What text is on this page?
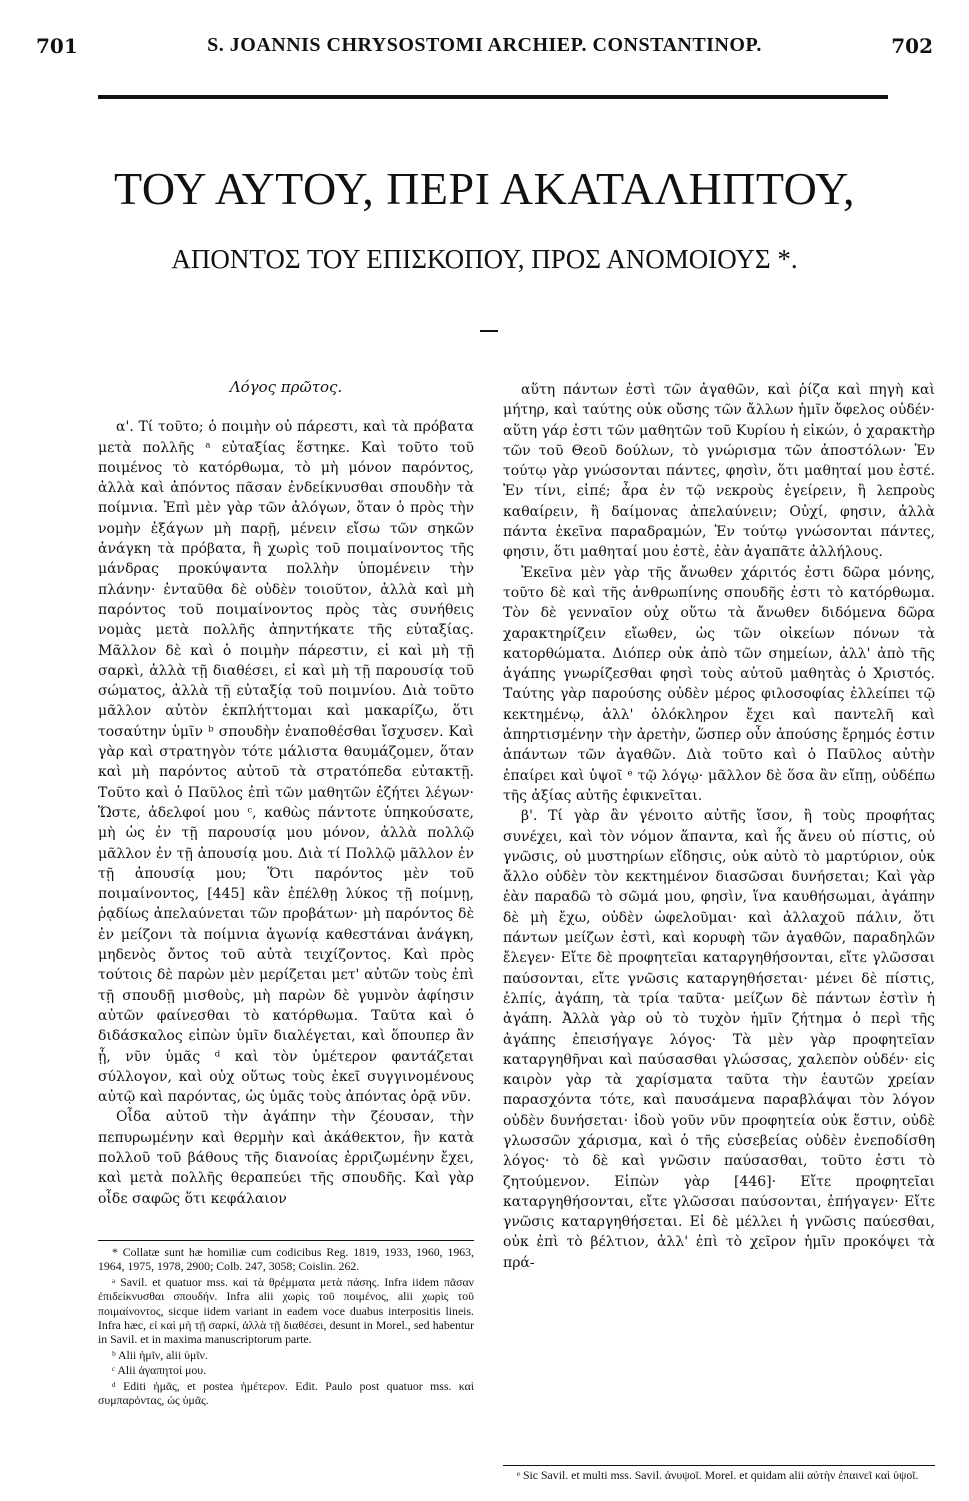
701	S. JOANNIS CHRYSOSTOMI ARCHIEP. CONSTANTINOP.	702
ΤΟΥ ΑΥΤΟΥ, ΠΕΡΙ ΑΚΑΤΑΛΗΠΤΟΥ,
ΑΠΟΝΤΟΣ ΤΟΥ ΕΠΙΣΚΟΠΟΥ, ΠΡΟΣ ΑΝΟΜΟΙΟΥΣ *.
Λόγος πρῶτος.

α'. Τί τοῦτο; ὁ ποιμὴν οὐ πάρεστι, καὶ τὰ πρόβατα μετὰ πολλῆς ᵃ εὐταξίας ἕστηκε. Καὶ τοῦτο τοῦ ποιμένος τὸ κατόρθωμα, τὸ μὴ μόνον παρόντος, ἀλλὰ καὶ ἀπόντος πᾶσαν ἐνδείκνυσθαι σπουδὴν τὰ ποίμνια. Ἐπὶ μὲν γὰρ τῶν ἀλόγων, ὅταν ὁ πρὸς τὴν νομὴν ἐξάγων μὴ παρῇ, μένειν εἴσω τῶν σηκῶν ἀνάγκη τὰ πρόβατα, ἢ χωρὶς τοῦ ποιμαίνοντος τῆς μάνδρας προκύψαντα πολλὴν ὑπομένειν τὴν πλάνην· ἐνταῦθα δὲ οὐδὲν τοιοῦτον, ἀλλὰ καὶ μὴ παρόντος τοῦ ποιμαίνοντος πρὸς τὰς συνήθεις νομὰς μετὰ πολλῆς ἀπηντήκατε τῆς εὐταξίας. Μᾶλλον δὲ καὶ ὁ ποιμὴν πάρεστιν, εἰ καὶ μὴ τῇ σαρκὶ, ἀλλὰ τῇ διαθέσει, εἰ καὶ μὴ τῇ παρουσίᾳ τοῦ σώματος, ἀλλὰ τῇ εὐταξίᾳ τοῦ ποιμνίου. Διὰ τοῦτο μᾶλλον αὐτὸν ἐκπλήττομαι καὶ μακαρίζω, ὅτι τοσαύτην ὑμῖν ᵇ σπουδὴν ἐναποθέσθαι ἴσχυσεν. Καὶ γὰρ καὶ στρατηγὸν τότε μάλιστα θαυμάζομεν, ὅταν καὶ μὴ παρόντος αὐτοῦ τὰ στρατόπεδα εὐτακτῇ. Τοῦτο καὶ ὁ Παῦλος ἐπὶ τῶν μαθητῶν ἐζήτει λέγων· Ὥστε, ἀδελφοί μου ᶜ, καθὼς πάντοτε ὑπηκούσατε, μὴ ὡς ἐν τῇ παρουσίᾳ μου μόνον, ἀλλὰ πολλῷ μᾶλλον ἐν τῇ ἀπουσίᾳ μου. Διὰ τί Πολλῷ μᾶλλον ἐν τῇ ἀπουσίᾳ μου; Ὅτι παρόντος μὲν τοῦ ποιμαίνοντος, [445] κἂν ἐπέλθῃ λύκος τῇ ποίμνῃ, ῥᾳδίως ἀπελαύνεται τῶν προβάτων· μὴ παρόντος δὲ ἐν μείζονι τὰ ποίμνια ἀγωνίᾳ καθεστάναι ἀνάγκη, μηδενὸς ὄντος τοῦ αὐτὰ τειχίζοντος. Καὶ πρὸς τούτοις δὲ παρὼν μὲν μερίζεται μετ' αὐτῶν τοὺς ἐπὶ τῇ σπουδῇ μισθοὺς, μὴ παρὼν δὲ γυμνὸν ἀφίησιν αὐτῶν φαίνεσθαι τὸ κατόρθωμα. Ταῦτα καὶ ὁ διδάσκαλος εἰπὼν ὑμῖν διαλέγεται, καὶ ὅπουπερ ἂν ᾖ, νῦν ὑμᾶς ᵈ καὶ τὸν ὑμέτερον φαντάζεται σύλλογον, καὶ οὐχ οὕτως τοὺς ἐκεῖ συγγινομένους αὐτῷ καὶ παρόντας, ὡς ὑμᾶς τοὺς ἀπόντας ὁρᾷ νῦν.

Οἶδα αὐτοῦ τὴν ἀγάπην τὴν ζέουσαν, τὴν πεπυρωμένην καὶ θερμὴν καὶ ἀκάθεκτον, ἣν κατὰ πολλοῦ τοῦ βάθους τῆς διανοίας ἐρριζωμένην ἔχει, καὶ μετὰ πολλῆς θεραπεύει τῆς σπουδῆς. Καὶ γὰρ οἶδε σαφῶς ὅτι κεφάλαιον

αὕτη πάντων ἐστὶ τῶν ἀγαθῶν, καὶ ῥίζα καὶ πηγὴ καὶ μήτηρ, καὶ ταύτης οὐκ οὔσης τῶν ἄλλων ἡμῖν ὄφελος οὐδέν· αὕτη γάρ ἐστι τῶν μαθητῶν τοῦ Κυρίου ἡ εἰκών, ὁ χαρακτὴρ τῶν τοῦ Θεοῦ δούλων, τὸ γνώρισμα τῶν ἀποστόλων· Ἐν τούτῳ γὰρ γνώσονται πάντες, φησὶν, ὅτι μαθηταί μου ἐστέ. Ἐν τίνι, εἰπέ; ἆρα ἐν τῷ νεκροὺς ἐγείρειν, ἢ λεπροὺς καθαίρειν, ἢ δαίμονας ἀπελαύνειν; Οὐχί, φησιν, ἀλλὰ πάντα ἐκεῖνα παραδραμών, Ἐν τούτῳ γνώσονται πάντες, φησιν, ὅτι μαθηταί μου ἐστὲ, ἐὰν ἀγαπᾶτε ἀλλήλους.

Ἐκεῖνα μὲν γὰρ τῆς ἄνωθεν χάριτός ἐστι δῶρα μόνης, τοῦτο δὲ καὶ τῆς ἀνθρωπίνης σπουδῆς ἐστι τὸ κατόρθωμα. Τὸν δὲ γενναῖον οὐχ οὕτω τὰ ἄνωθεν διδόμενα δῶρα χαρακτηρίζειν εἴωθεν, ὡς τῶν οἰκείων πόνων τὰ κατορθώματα. Διόπερ οὐκ ἀπὸ τῶν σημείων, ἀλλ' ἀπὸ τῆς ἀγάπης γνωρίζεσθαι φησὶ τοὺς αὐτοῦ μαθητὰς ὁ Χριστός. Ταύτης γὰρ παρούσης οὐδὲν μέρος φιλοσοφίας ἐλλείπει τῷ κεκτημένῳ, ἀλλ' ὁλόκληρον ἔχει καὶ παντελῆ καὶ ἀπηρτισμένην τὴν ἀρετὴν, ὥσπερ οὖν ἀπούσης ἔρημός ἐστιν ἁπάντων τῶν ἀγαθῶν. Διὰ τοῦτο καὶ ὁ Παῦλος αὐτὴν ἐπαίρει καὶ ὑψοῖ ᵉ τῷ λόγῳ· μᾶλλον δὲ ὅσα ἂν εἴπῃ, οὐδέπω τῆς ἀξίας αὐτῆς ἐφικνεῖται.

β'. Τί γὰρ ἂν γένοιτο αὐτῆς ἴσον, ἢ τοὺς προφήτας συνέχει, καὶ τὸν νόμον ἅπαντα, καὶ ἧς ἄνευ οὐ πίστις, οὐ γνῶσις, οὐ μυστηρίων εἴδησις, οὐκ αὐτὸ τὸ μαρτύριον, οὐκ ἄλλο οὐδὲν τὸν κεκτημένον διασῶσαι δυνήσεται; Καὶ γὰρ ἐὰν παραδῶ τὸ σῶμά μου, φησὶν, ἵνα καυθήσωμαι, ἀγάπην δὲ μὴ ἔχω, οὐδὲν ὠφελοῦμαι· καὶ ἀλλαχοῦ πάλιν, ὅτι πάντων μείζων ἐστὶ, καὶ κορυφὴ τῶν ἀγαθῶν, παραδηλῶν ἔλεγεν· Εἴτε δὲ προφητεῖαι καταργηθήσονται, εἴτε γλῶσσαι παύσονται, εἴτε γνῶσις καταργηθήσεται· μένει δὲ πίστις, ἐλπίς, ἀγάπη, τὰ τρία ταῦτα· μείζων δὲ πάντων ἐστὶν ἡ ἀγάπη. Ἀλλὰ γὰρ οὐ τὸ τυχὸν ἡμῖν ζήτημα ὁ περὶ τῆς ἀγάπης ἐπεισήγαγε λόγος· Τὰ μὲν γὰρ προφητεῖαν καταργηθῆναι καὶ παύσασθαι γλώσσας, χαλεπὸν οὐδέν· εἰς καιρὸν γὰρ τὰ χαρίσματα ταῦτα τὴν ἑαυτῶν χρείαν παρασχόντα τότε, καὶ παυσάμενα παραβλάψαι τὸν λόγον οὐδὲν δυνήσεται· ἰδοὺ γοῦν νῦν προφητεία οὐκ ἔστιν, οὐδὲ γλωσσῶν χάρισμα, καὶ ὁ τῆς εὐσεβείας οὐδὲν ἐνεποδίσθη λόγος· τὸ δὲ καὶ γνῶσιν παύσασθαι, τοῦτο ἐστι τὸ ζητούμενον. Εἰπὼν γὰρ [446]· Εἴτε προφητεῖαι καταργηθήσονται, εἴτε γλῶσσαι παύσονται, ἐπήγαγεν· Εἴτε γνῶσις καταργηθήσεται. Εἰ δὲ μέλλει ἡ γνῶσις παύεσθαι, οὐκ ἐπὶ τὸ βέλτιον, ἀλλ' ἐπὶ τὸ χεῖρον ἡμῖν προκόψει τὰ πρά-

* Collatæ sunt hæ homiliæ cum codicibus Reg. 1819, 1933, 1960, 1963, 1964, 1975, 1978, 2900; Colb. 247, 3058; Coislin. 262.

ᵃ Savil. et quatuor mss. καὶ τὰ θρέμματα μετὰ πάσης. Infra iidem πᾶσαν ἐπιδείκνυσθαι σπουδήν. Infra alii χωρὶς τοῦ ποιμένος, alii χωρὶς τοῦ ποιμαίνοντος, sicque iidem variant in eadem voce duabus interpositis lineis. Infra hæc, εἰ καὶ μὴ τῇ σαρκί, ἀλλὰ τῇ διαθέσει, desunt in Morel., sed habentur in Savil. et in maxima manuscriptorum parte.

ᵇ Alii ἡμῖν, alii ὑμῖν.

ᶜ Alii ἀγαπητοί μου.

ᵈ Editi ἡμᾶς, et postea ἡμέτερον. Edit. Paulo post quatuor mss. καὶ συμπαρόντας, ὡς ὑμᾶς.

ᵉ Sic Savil. et multi mss. Savil. ἀνυψοῖ. Morel. et quidam alii αὐτὴν ἐπαινεῖ καὶ ὑψοῖ.
